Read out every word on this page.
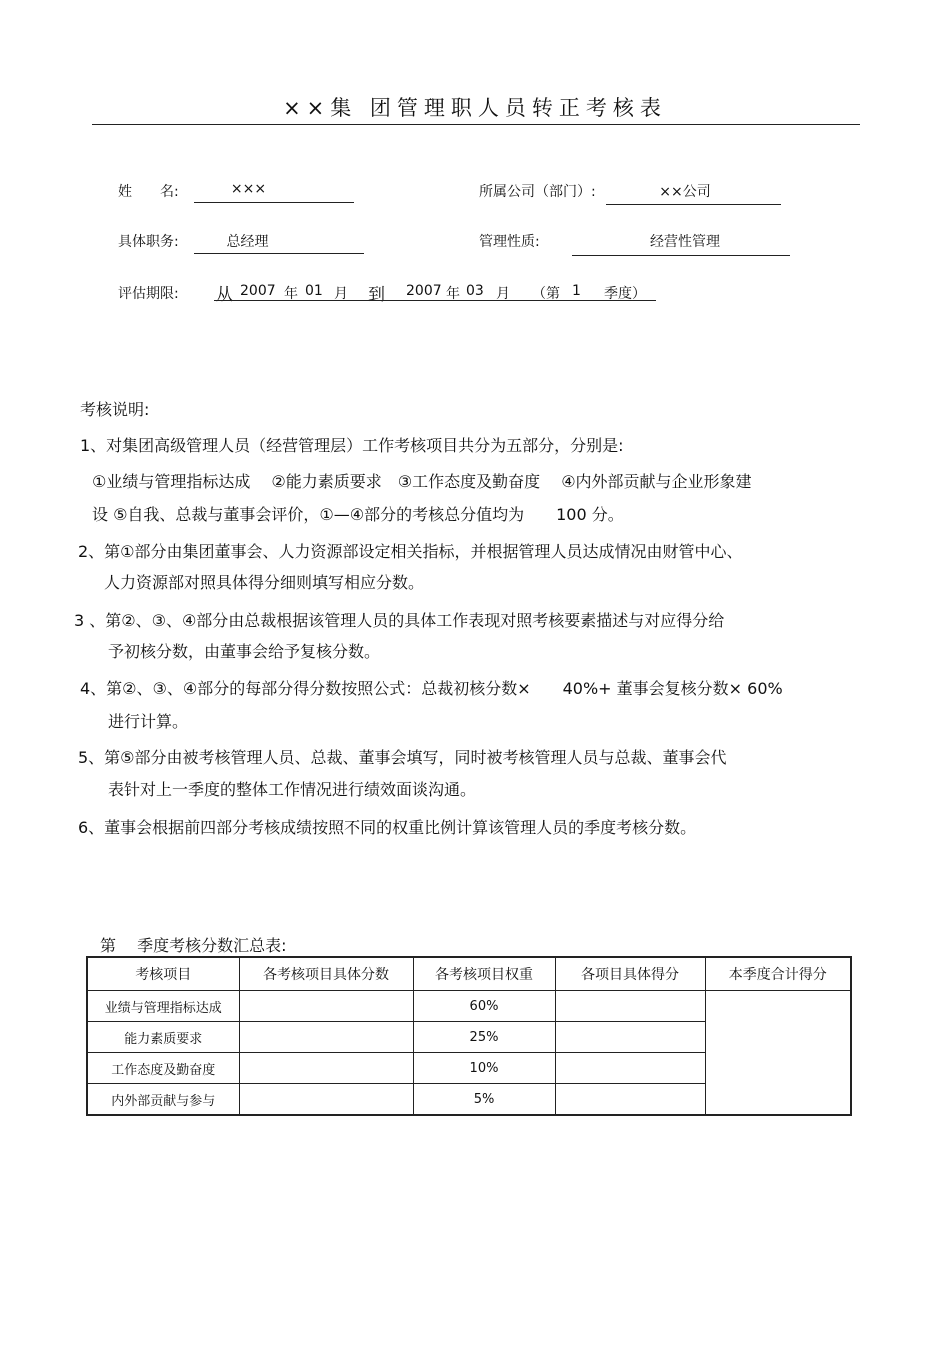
××集 团管理职人员转正考核表
姓　　名:	×××	所属公司（部门）:	××公司
具体职务:	总经理	管理性质:	经营性管理
评估期限: 从 2007 年 01 月 到 2007 年 03 月 （第 1 季度）
考核说明:
1、对集团高级管理人员（经营管理层）工作考核项目共分为五部分，分别是:
①业绩与管理指标达成　 ②能力素质要求　③工作态度及勤奋度　 ④内外部贡献与企业形象建
设 ⑤自我、总裁与董事会评价，①—④部分的考核总分值均为　　100 分。
2、第①部分由集团董事会、人力资源部设定相关指标，并根据管理人员达成情况由财管中心、
人力资源部对照具体得分细则填写相应分数。
3 、第②、③、④部分由总裁根据该管理人员的具体工作表现对照考核要素描述与对应得分给
予初核分数，由董事会给予复核分数。
4、第②、③、④部分的每部分得分数按照公式：总裁初核分数×　　40%+ 董事会复核分数× 60%
进行计算。
5、第⑤部分由被考核管理人员、总裁、董事会填写，同时被考核管理人员与总裁、董事会代
表针对上一季度的整体工作情况进行绩效面谈沟通。
6、董事会根据前四部分考核成绩按照不同的权重比例计算该管理人员的季度考核分数。
第　 季度考核分数汇总表:
考核项目	各考核项目具体分数	各考核项目权重	各项目具体得分	本季度合计得分
业绩与管理指标达成		60%		
能力素质要求		25%		
工作态度及勤奋度		10%		
内外部贡献与参与		5%		
